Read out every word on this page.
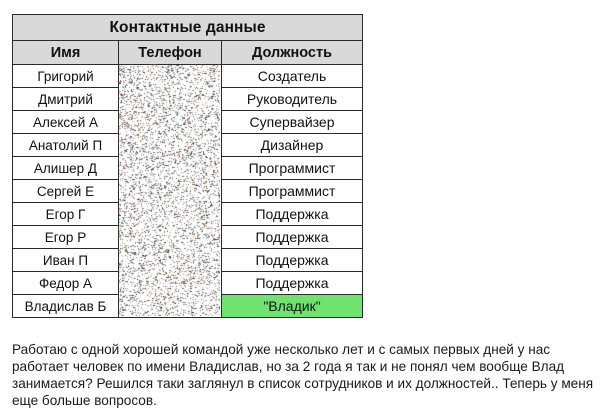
Контактные данные		
Имя	Телефон	Должность
Григорий		Создатель
Дмитрий		Руководитель
Алексей А		Супервайзер
Анатолий П		Дизайнер
Алишер Д		Программист
Сергей Е		Программист
Егор Г		Поддержка
Егор Р		Поддержка
Иван П		Поддержка
Федор А		Поддержка
Владислав Б		"Владик"

Работаю с одной хорошей командой уже несколько лет и с самых первых дней у нас работает человек по имени Владислав, но за 2 года я так и не понял чем вообще Влад занимается? Решился таки заглянул в список сотрудников и их должностей.. Теперь у меня еще больше вопросов.
